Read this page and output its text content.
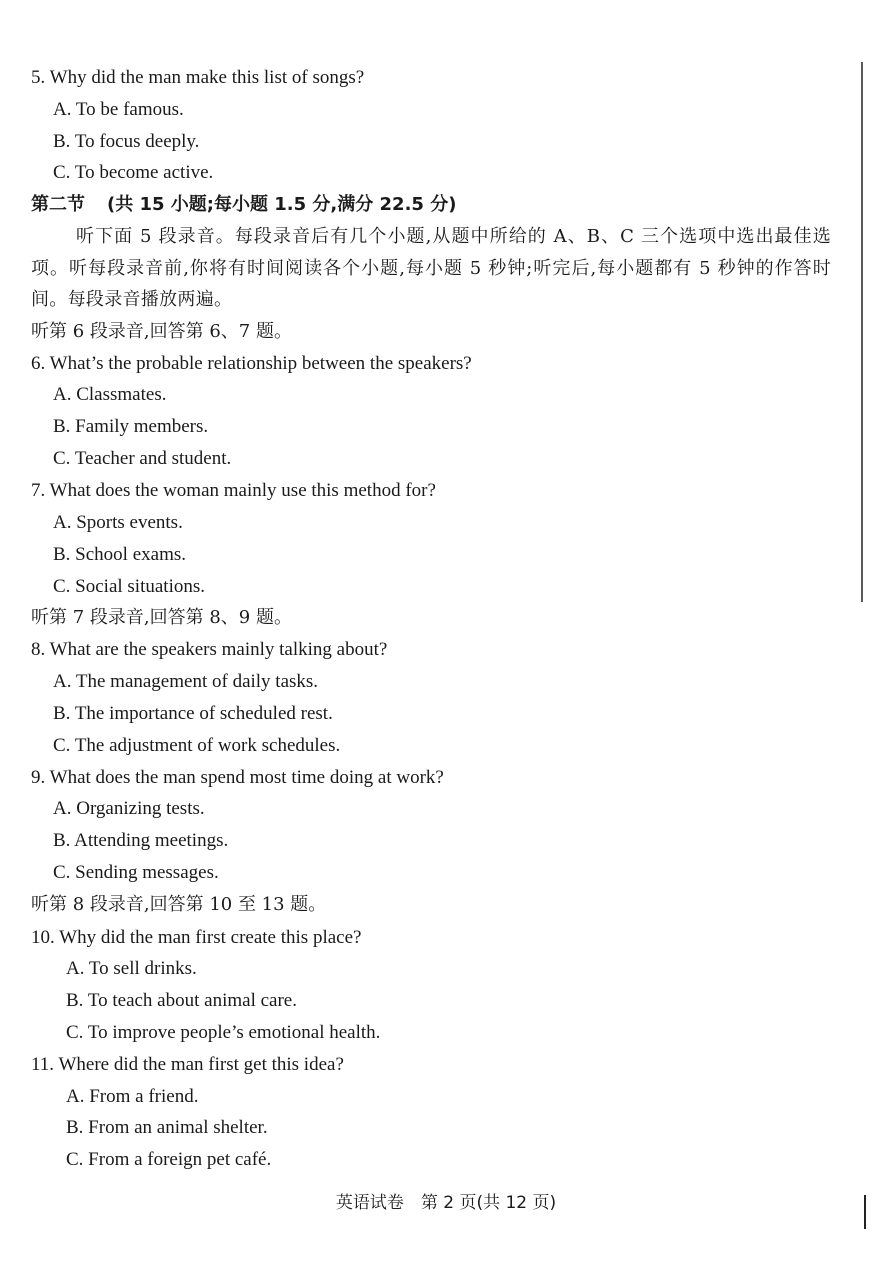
5. Why did the man make this list of songs?
A. To be famous.
B. To focus deeply.
C. To become active.
第二节 (共 15 小题;每小题 1.5 分,满分 22.5 分)
听下面 5 段录音。每段录音后有几个小题,从题中所给的 A、B、C 三个选项中选出最佳选项。听每段录音前,你将有时间阅读各个小题,每小题 5 秒钟;听完后,每小题都有 5 秒钟的作答时间。每段录音播放两遍。
听第 6 段录音,回答第 6、7 题。
6. What’s the probable relationship between the speakers?
A. Classmates.
B. Family members.
C. Teacher and student.
7. What does the woman mainly use this method for?
A. Sports events.
B. School exams.
C. Social situations.
听第 7 段录音,回答第 8、9 题。
8. What are the speakers mainly talking about?
A. The management of daily tasks.
B. The importance of scheduled rest.
C. The adjustment of work schedules.
9. What does the man spend most time doing at work?
A. Organizing tests.
B. Attending meetings.
C. Sending messages.
听第 8 段录音,回答第 10 至 13 题。
10. Why did the man first create this place?
A. To sell drinks.
B. To teach about animal care.
C. To improve people’s emotional health.
11. Where did the man first get this idea?
A. From a friend.
B. From an animal shelter.
C. From a foreign pet café.
英语试卷　第 2 页(共 12 页)
